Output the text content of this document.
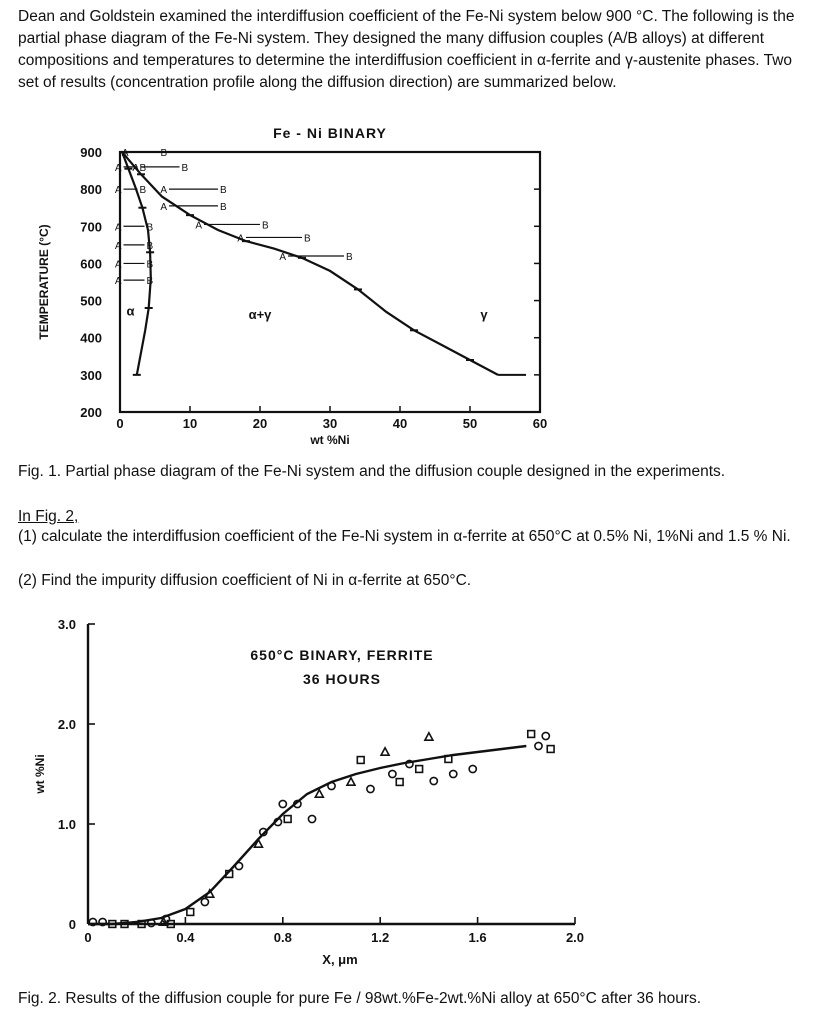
Dean and Goldstein examined the interdiffusion coefficient of the Fe-Ni system below 900 °C. The following is the partial phase diagram of the Fe-Ni system. They designed the many diffusion couples (A/B alloys) at different compositions and temperatures to determine the interdiffusion coefficient in α-ferrite and γ-austenite phases. Two set of results (concentration profile along the diffusion direction) are summarized below.

Fe - Ni BINARY
0	10	20	30	40	50	60
900
800
700
600
500
400
300
200
wt %Ni
TEMPERATURE (°C)
A	B
A B
A	B
A B A	B
A	B
A	B
A	B
A	B
A	B
A	B
A	B
A	B
α	α+γ	γ

Fig. 1. Partial phase diagram of the Fe-Ni system and the diffusion couple designed in the experiments.

In Fig. 2,

(1) calculate the interdiffusion coefficient of the Fe-Ni system in α-ferrite at 650°C at 0.5% Ni, 1%Ni and 1.5 % Ni.

(2) Find the impurity diffusion coefficient of Ni in α-ferrite at 650°C.

0	0.4	0.8	1.2	1.6	2.0
3.0
2.0
1.0
0
X, μm
wt %Ni
650°C BINARY, FERRITE
36 HOURS

Fig. 2. Results of the diffusion couple for pure Fe / 98wt.%Fe-2wt.%Ni alloy at 650°C after 36 hours.
